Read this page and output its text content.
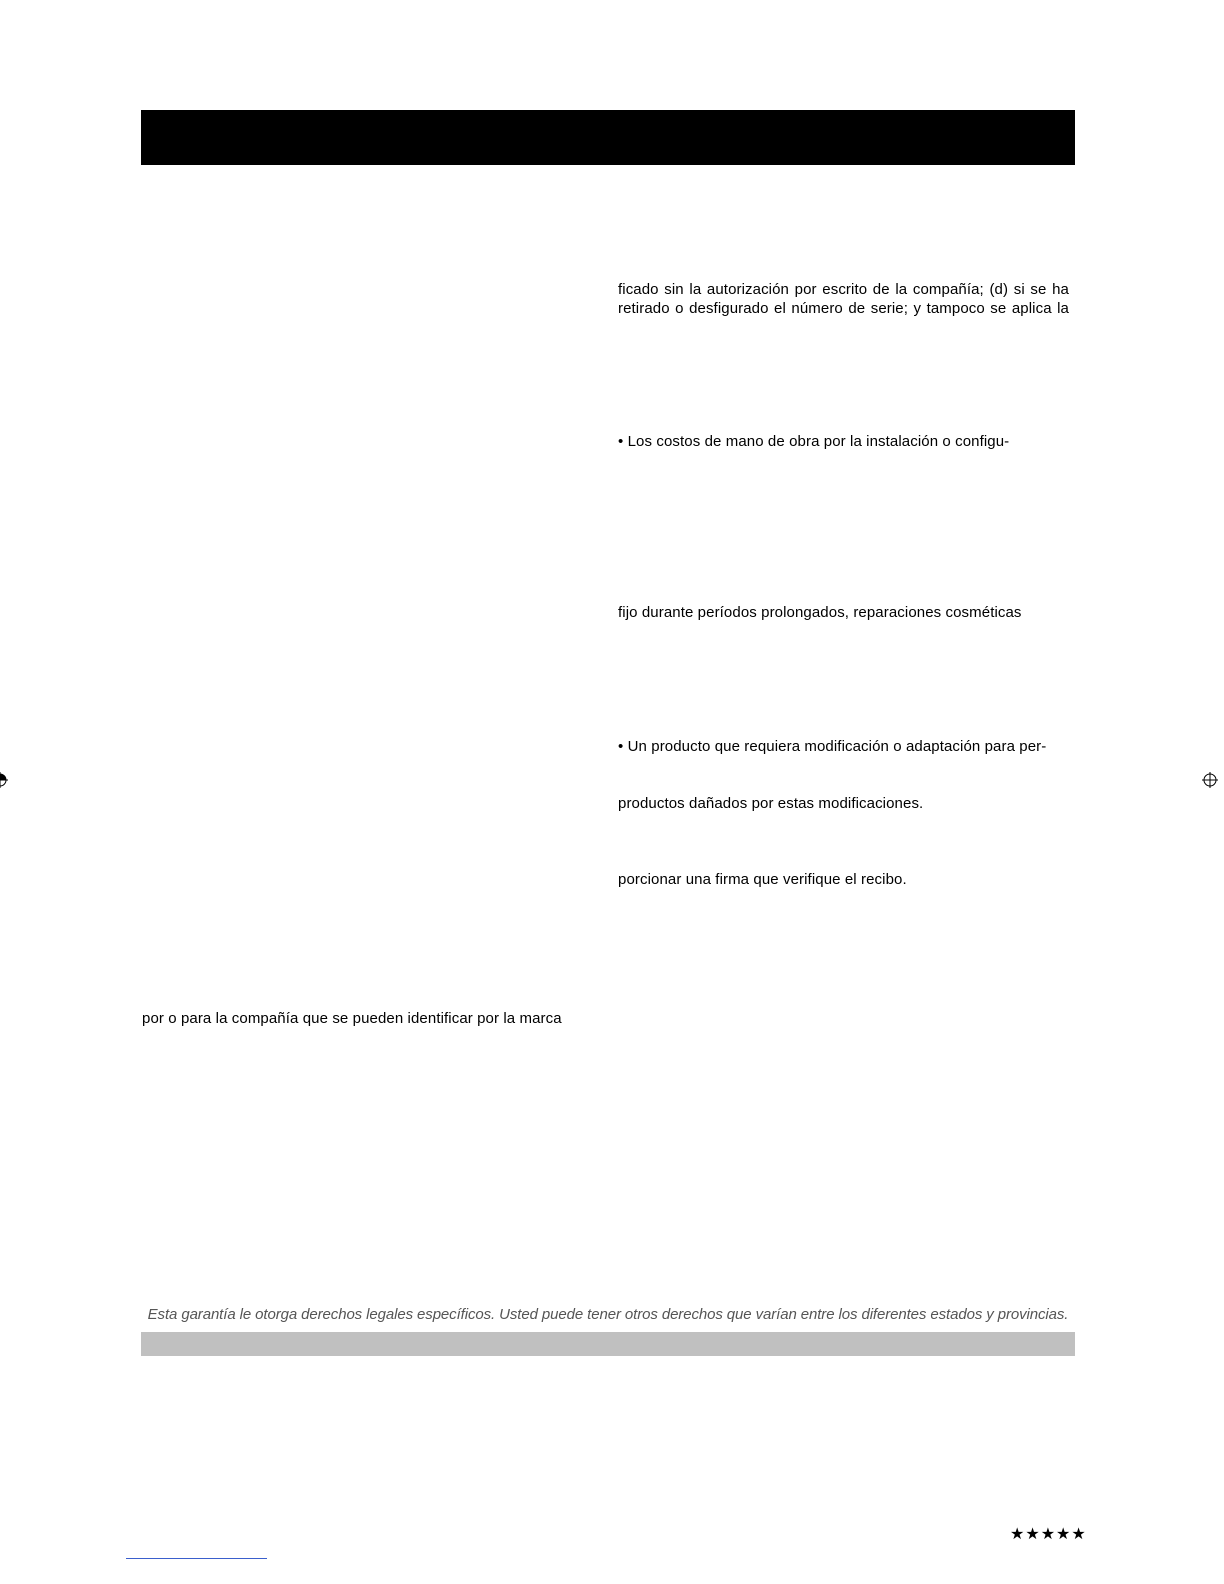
ficado sin la autorización por escrito de la compañía; (d) si se ha
retirado o desfigurado el número de serie; y tampoco se aplica la
• Los costos de mano de obra por la instalación o configu-
fijo durante períodos prolongados, reparaciones cosméticas
• Un producto que requiera modificación o adaptación para per-
productos dañados por estas modificaciones.
porcionar una firma que verifique el recibo.
por o para la compañía que se pueden identificar por la marca
Esta garantía le otorga derechos legales específicos. Usted puede tener otros derechos que varían entre los diferentes estados y provincias.
★★★★★
